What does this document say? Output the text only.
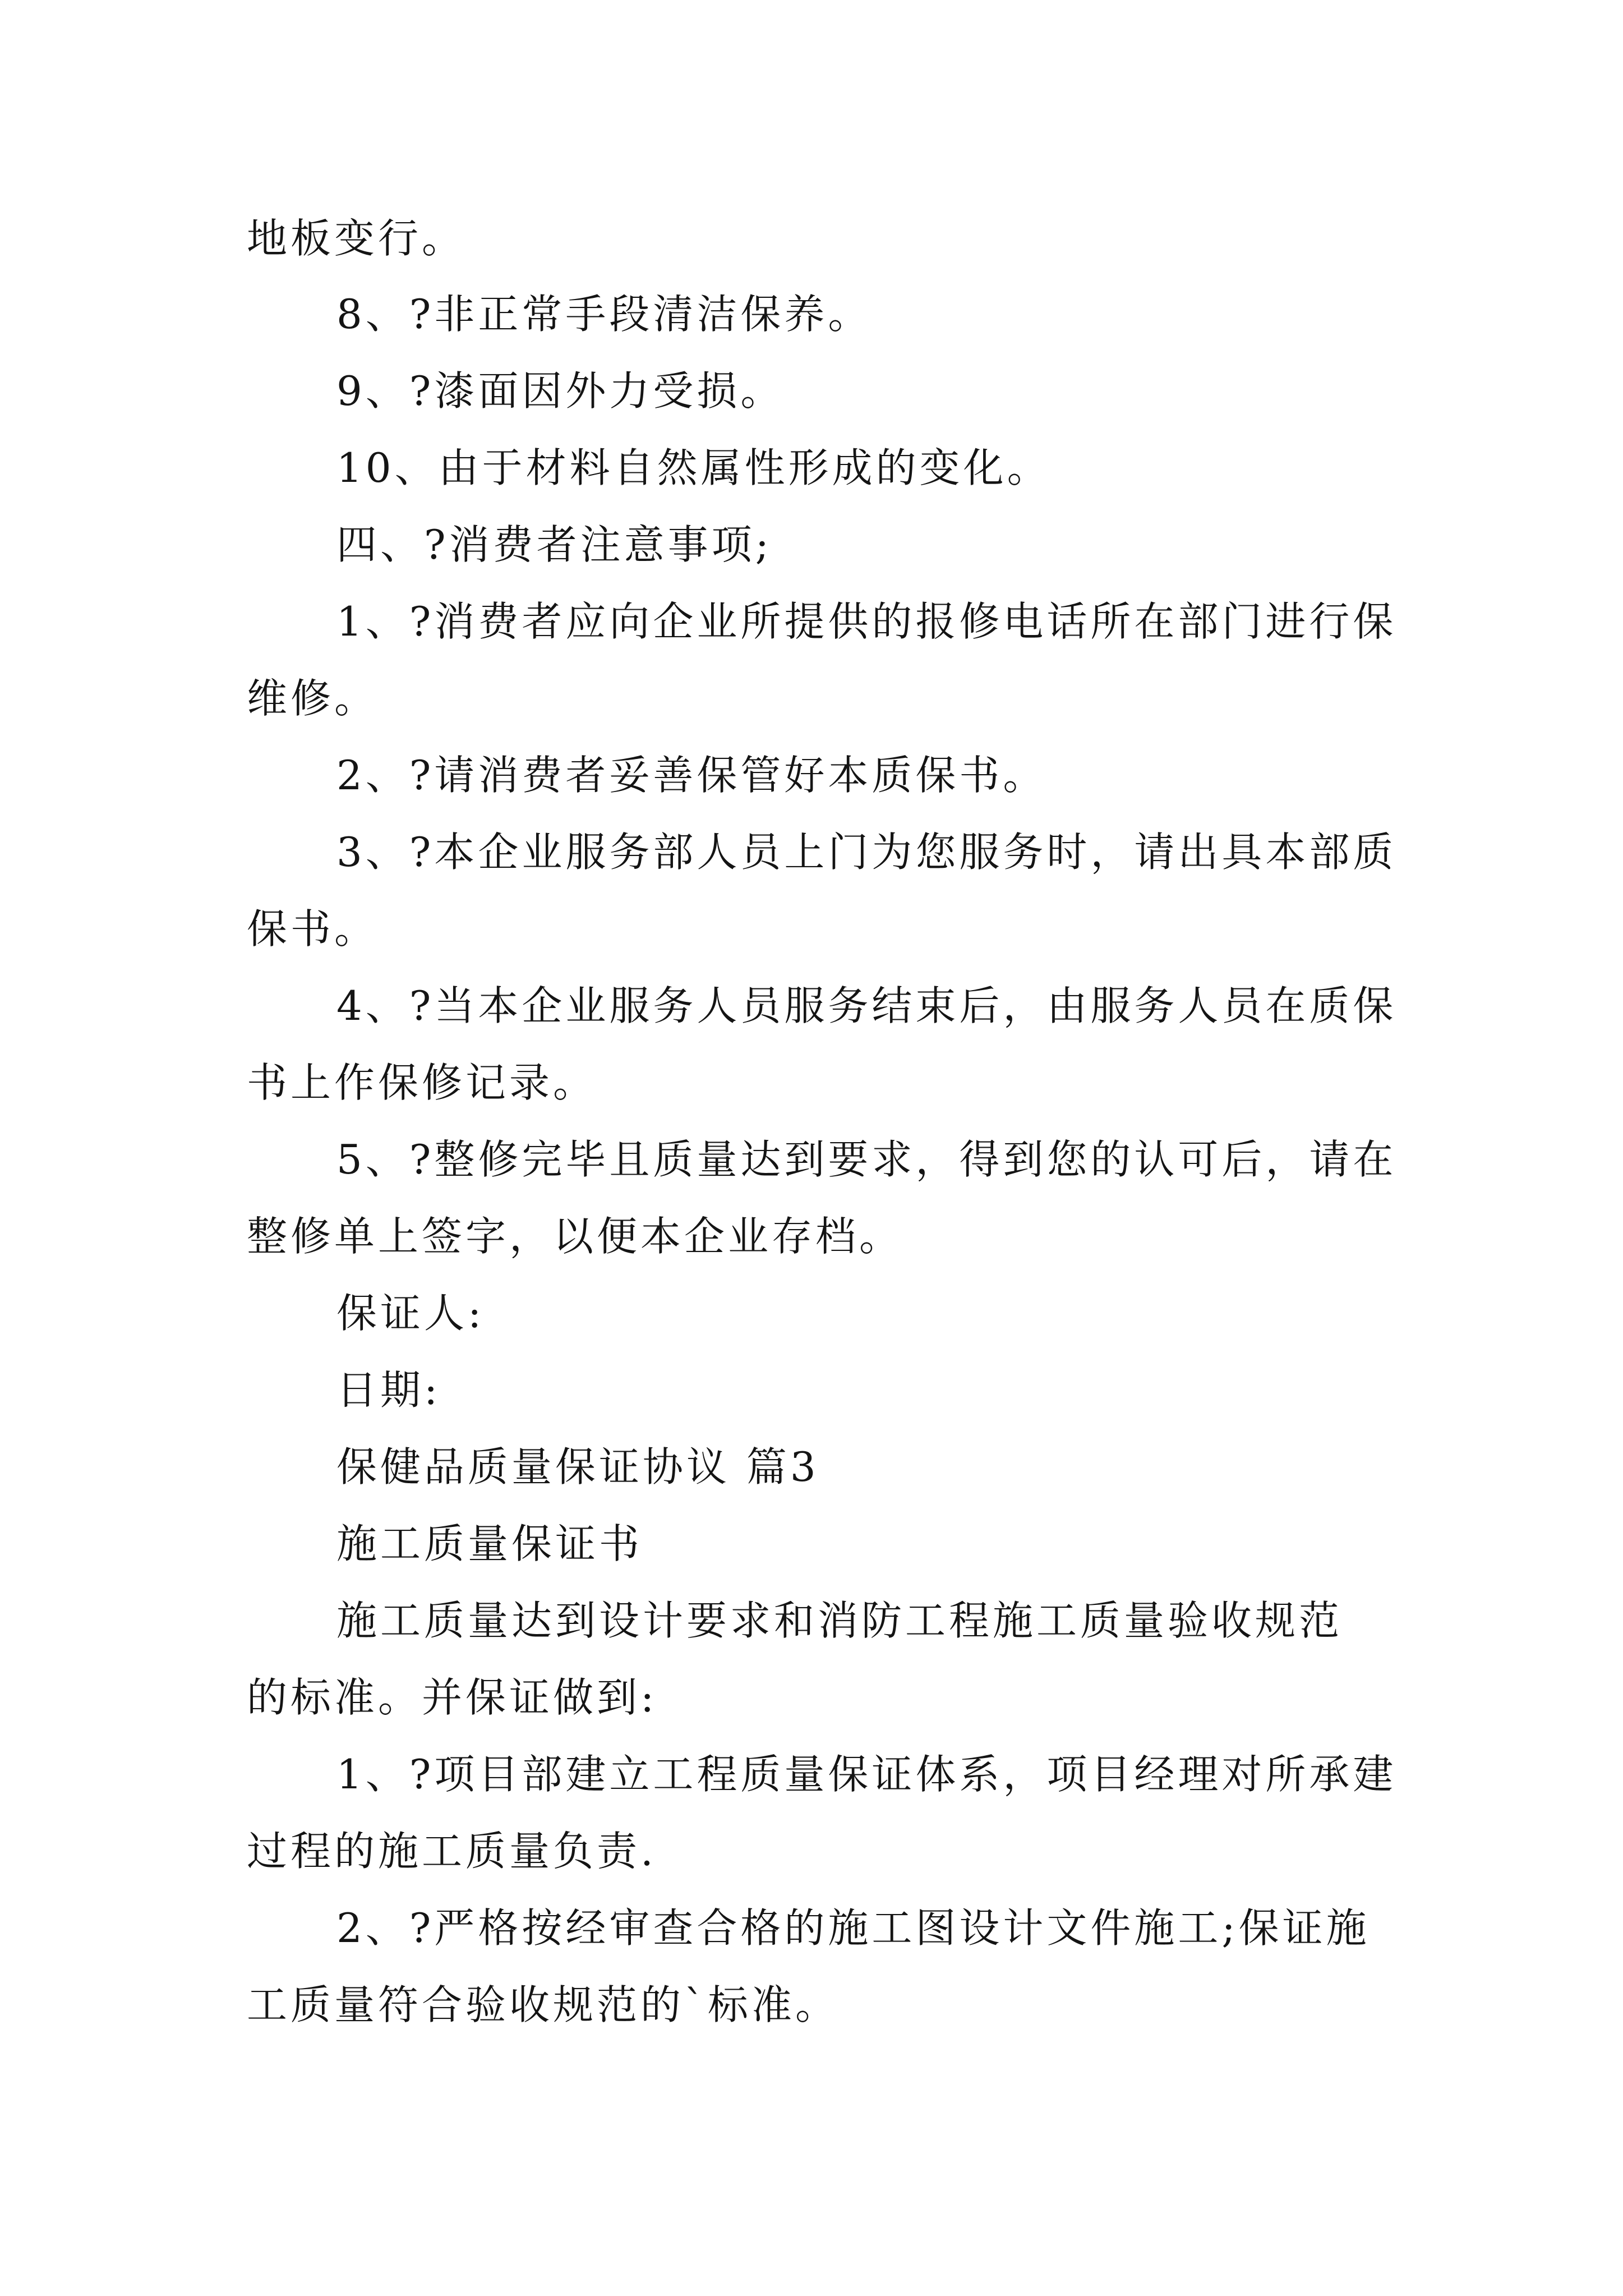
地板变行。
8、?非正常手段清洁保养。
9、?漆面因外力受损。
10、由于材料自然属性形成的变化。
四、?消费者注意事项;
1、?消费者应向企业所提供的报修电话所在部门进行保
维修。
2、?请消费者妥善保管好本质保书。
3、?本企业服务部人员上门为您服务时，请出具本部质
保书。
4、?当本企业服务人员服务结束后，由服务人员在质保
书上作保修记录。
5、?整修完毕且质量达到要求，得到您的认可后，请在
整修单上签字，以便本企业存档。
保证人:
日期:
保健品质量保证协议 篇3
施工质量保证书
施工质量达到设计要求和消防工程施工质量验收规范
的标准。并保证做到:
1、?项目部建立工程质量保证体系，项目经理对所承建
过程的施工质量负责.
2、?严格按经审查合格的施工图设计文件施工;保证施
工质量符合验收规范的`标准。
